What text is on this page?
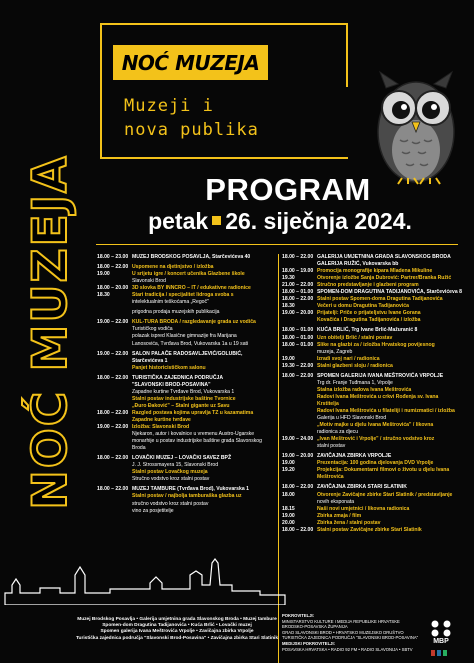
NOĆ MUZEJA
NOĆ MUZEJA
Muzeji i
nova publika
PROGRAM
petak 26. siječnja 2024.
18.00 – 23.00 MUZEJ BRODSKOG POSAVLJA, Starčevićeva 40
18.00 – 22.00 Uspomene na djetinjstvo / izložba
19.00	U srijetu igre / koncert učenika Glazbene škole
Slavonski Brod
18.00 – 20.00 3D slovka BY INNCRO – IT / edukativne radionice
18.30	Stari tradicija / specijalitet lidroga svoba s
intelektualnim teškoćama „Regoč"
prigodna prodaja muzejskih publikacija
19.00 – 22.00 KUL-TURA BRODA / razgledavanje grada uz vodiča
Turističkog vodiča
polazak ispred Klasične gimnazije fra Marijana
Lanosovića, Tvrđava Brod, Vukovarska 1a u 19 sati
19.00 – 22.00 SALON PALAČE RADOSAVLJEVIĆ/GOLUBIĆ, Starčevićeva 1
Panjet historicističkom salonu
18.00 – 22.00 TURISTIČKA ZAJEDNICA PODRUČJA
"SLAVONSKI BROD-POSAVINA"
Zapadne kurtine Tvrđave Brod, Vukovarska 1
Stalni postav industrijske baštine Tvornice
„Đuro Đaković" – Stalni gigante uz Savu
18.00 – 22.00 Razgled postava kojima upravlja TZ u kazamatima
Zapadne kurtine tvrđave
19.00 – 22.00 Izložba: Slavonski Brod
Njekaron, autor i kovalnice u vremenu Austro-Ugarske
monarhije u postav industrijske baštine grada Slavonskog
Broda
18.00 – 22.00 LOVAČKI MUZEJ – LOVAČKI SAVEZ BPŽ
J. J. Strossmayera 15, Slavonski Brod
Stalni postav Lovačkog muzeja
Stručno vodstvo kroz stalni postav
18.00 – 22.00 MUZEJ TAMBURE (Tvrđava Brod), Vukovarska 1
Stalni postav / najbolja tamburaška glazba uz
stručno vodstvo kroz stalni postav
vino za posjetitelje
18.00 – 22.00 GALERIJA UMJETNINA GRADA SLAVONSKOG BRODA
GALERIJA RUŽIĆ, Vukovarska bb
18.00 – 19.00 Promocija monografije kipara Mladena Mikuline
19.30	Otvorenje izložbe Sanja Dubrović: Partrer/Branka Ružić
21.00 – 22.00 Stručno predstavljanje i glazbeni program
18.00 – 01.00 SPOMEN-DOM DRAGUTINA TADIJANOVIĆA, Starčevićeva 8
18.00 – 22.00 Stalni postav Spomen-doma Dragutina Tadijanovića
18.30	Večeri u domu Dragutina Tadijanovića
19.00 – 20.00 Prijatelji: Priče o prijateljstvu Ivane Gorana
Kovačića i Dragutina Tadijanovića / izložba
18.00 – 01.00 KUĆA BRLIĆ, Trg Ivane Brlić-Mažuranić 8
18.00 – 01.00 Uzn obitelji Brlić / stalni postav
18.00 – 01.00 Slike na glazbi za / izložba Hrvatskog povijesnog
muzeja, Zagreb
19.00	Izradi svoj nari / radionica
19.30 – 22.00 Stalni glazbeni sloju / radionica
18.00 – 22.00 SPOMEN GALERIJA IVANA MEŠTROVIĆA VRPOLJE
Trg dr. Franje Tuđmana 1, Vrpolje
Stalna izložba radova Ivana Meštrovića
Radovi Ivana Meštrovića u crkvi Rođenja sv. Ivana
Krstitelja
Radovi Ivana Meštrovića u filateliji i numizmatici / izložba
Galerija u HFD Slavonski Brod
„Motiv majke u djelu Ivana Meštrovića" / likovna
radionica za djecu
19.00 – 24.00 „Ivan Meštrović i Vrpolje" / stručno vodstvo kroz
stalni postav
19.00 – 20.00 ZAVIČAJNA ZBIRKA VRPOLJE
19.00	Prezentacija: 100 godina djelovanja DVD Vrpolje
19.20	Projekcija: Dokumentarni filmovi o životu u djelu Ivana
Meštrovića
18.00 – 22.00 ZAVIČAJNA ZBIRKA STARI SLATINIK
18.00	Otvorenje Zavičajne zbirke Stari Slatinik / predstavljanje
novih eksponata
18.15	Naši novi umjetnici / likovna radionica
19.00	Zbirka zmaja / film
20.00	Zbirka žena / stalni postav
18.00 – 22.00 Stalni postav Zavičajne zbirke Stari Slatinik
Muzej Brodskog Posavlja • Galerija umjetnina grada Slavonskog Broda • Muzej tambure
Spomen-dom Dragutina Tadijanovića • Kuća Brlić • Lovački muzej
Spomen galerija Ivana Meštrovića Vrpolje • Zavičajna zbirka Vrpolje
Turistička zajednica područja "Slavonski Brod-Posavina" • Zavičajna zbirka Stari Slatinik
POKROVITELJI:
MINISTARSTVO KULTURE I MEDIJA REPUBLIKE HRVATSKE
BRODSKO-POSAVSKA ŽUPANIJA
GRAD SLAVONSKI BROD • HRVATSKO MUZEJSKO DRUŠTVO
TURISTIČKA ZAJEDNICA PODRUČJA "SLAVONSKI BROD-POSAVINA"
MEDIJSKI POKROVITELJI:
POSAVSKA HRVATSKA • RADIO 92 FM • RADIO SLAVONIJA • SBTV
MBP
